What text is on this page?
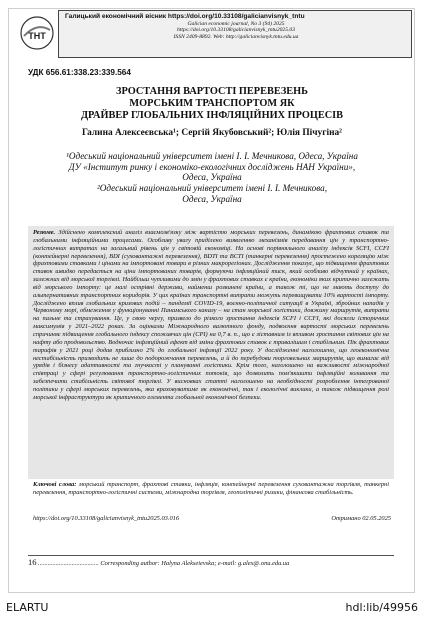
ТНТ
Галицький економічний вісник https://doi.org/10.33108/galicianvisnyk_tntu
Galician economic journal, No 3 (94) 2025
https://doi.org/10.33108/galicianvisnyk_tntu2025.03
ISSN 2409-8892. Web: http://galicianvisnyk.tntu.edu.ua
УДК 656.61:338.23:339.564
ЗРОСТАННЯ ВАРТОСТІ ПЕРЕВЕЗЕНЬ
МОРСЬКИМ ТРАНСПОРТОМ ЯК
ДРАЙВЕР ГЛОБАЛЬНИХ ІНФЛЯЦІЙНИХ ПРОЦЕСІВ
Галина Алексеєвська¹; Сергій Якубовський²; Юлія Пічугіна²
¹Одеський національний університет імені І. І. Мечникова, Одеса, Україна
ДУ «Інститут ринку і економіко-екологічних досліджень НАН України»,
Одеса, Україна
²Одеський національний університет імені І. І. Мечникова,
Одеса, Україна
Резюме. Здійснено комплексний аналіз взаємозв'язку між вартістю морських перевезень, динамікою фрахтових ставок та глобальними інфляційними процесами. Особливу увагу приділено виявленню механізмів передавання цін у транспортно-логістичних витратах на загальний рівень цін у світовій економіці. На основі порівняльного аналізу індексів SCFI, CCFI (контейнерні перевезення), BDI (суховантажні перевезення), BDTI та BCTI (танкерні перевезення) простежено кореляцію між фрахтовими ставками і цінами на імпортовані товари в різних макрорегіонах. Дослідження показує, що підвищення фрахтових ставок швидко передається на ціни імпортованих товарів, формуючи інфляційний тиск, який особливо відчутний у країнах, залежних від морської торгівлі. Найбільш чутливими до змін у фрахтових ставках є країни, економіки яких критично залежать від морського імпорту: це малі острівні держави, найменш розвинені країни, а також ті, що не мають доступу до альтернативних транспортних коридорів. У цих країнах транспортні витрати можуть перевищувати 10% вартості імпорту. Досліджено вплив глобальних кризових подій – пандемії COVID-19, воєнно-політичної ситуації в Україні, збройних нападів у Червоному морі, обмеження у функціонуванні Панамського каналу – на стан морської логістики, довжину маршрутів, витрати на пальне та страхування. Це, у свою чергу, призвело до різкого зростання індексів SCFI і CCFI, які досягли історичних максимумів у 2021–2022 роках. За оцінками Міжнародного валютного фонду, подвоєння вартості морських перевезень спричиняє підвищення глобального індексу споживчих цін (CPI) на 0,7 в. п., що є зіставним із впливом зростання світових цін на нафту або продовольство. Водночас інфляційний ефект від зміни фрахтових ставок є тривалішим і стабільним. Пік фрахтових тарифів у 2021 році додав приблизно 2% до глобальної інфляції 2022 року. У дослідженні наголошено, що геоекономічна нестабільність призводить не лише до подорожчання перевезень, а й до перебудови торговельних маршрутів, що вимагає від урядів і бізнесу адаптивності та гнучкості у плануванні логістики. Крім того, наголошено на важливості міжнародної співпраці у сфері регулювання транспортно-логістичних потоків, що дозволить пом'якшити інфляційні коливання та забезпечити стабільність світової торгівлі. У висновках статті наголошено на необхідності розроблення інтегрованої політики у сфері морських перевезень, яка враховуватиме як економічні, так і екологічні виклики, а також підвищення ролі морської інфраструктури як критичного елемента глобальної економічної безпеки.
Ключові слова: морський транспорт, фрахтові ставки, інфляція, контейнерні перевезення суховантажна торгівля, танкерні перевезення, транспортно-логістичні системи, міжнародна торгівля, геополітичні ризики, фінансова стабільність.
https://doi.org/10.33108/galicianvisnyk_tntu2025.03.016	Отримано 02.05.2025
16 ...................................... Corresponding author: Halyna Alekseievska; e-mail: g.alex@.onu.edu.ua
ELARTU	hdl:lib/49956
